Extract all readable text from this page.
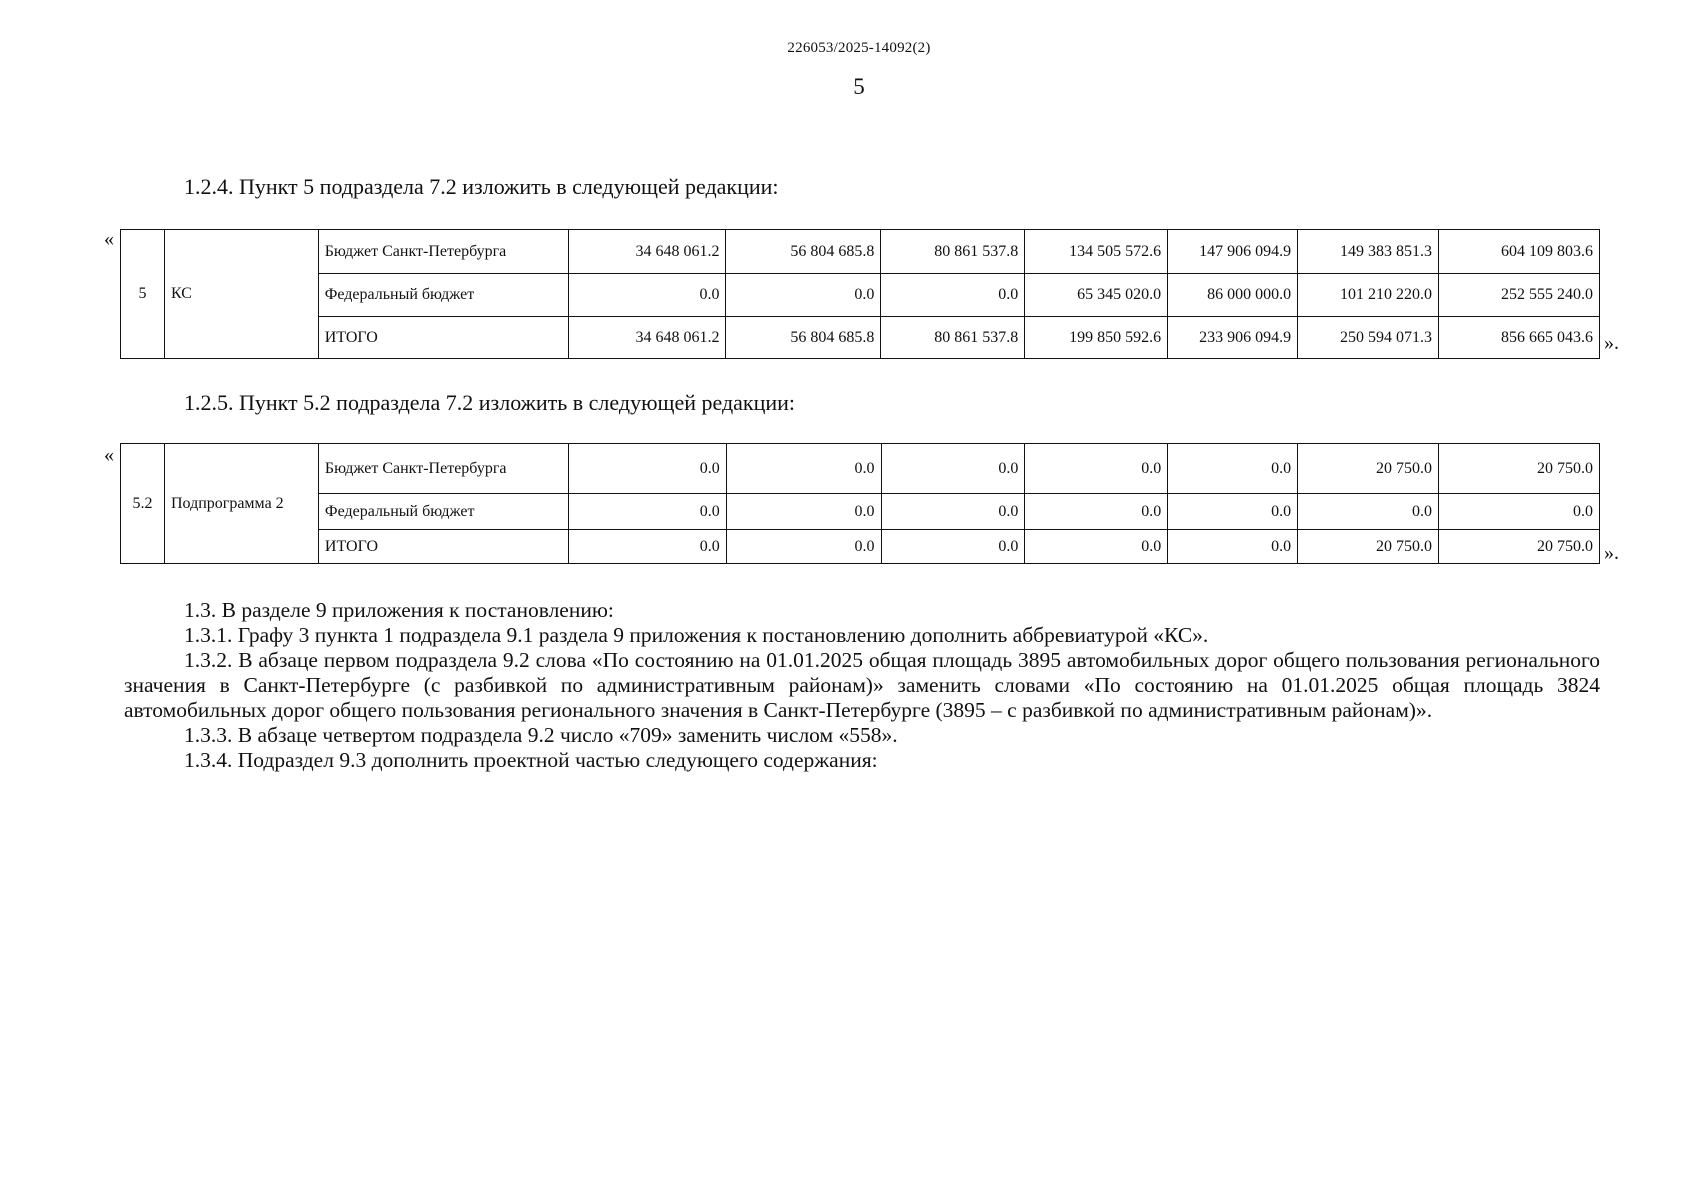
226053/2025-14092(2)
5
1.2.4. Пункт 5 подраздела 7.2 изложить в следующей редакции:
«
5	КС	Бюджет Санкт-Петербурга	34 648 061.2	56 804 685.8	80 861 537.8	134 505 572.6	147 906 094.9	149 383 851.3	604 109 803.6
		Федеральный бюджет	0.0	0.0	0.0	65 345 020.0	86 000 000.0	101 210 220.0	252 555 240.0
		ИТОГО	34 648 061.2	56 804 685.8	80 861 537.8	199 850 592.6	233 906 094.9	250 594 071.3	856 665 043.6 ».
1.2.5. Пункт 5.2 подраздела 7.2 изложить в следующей редакции:
«
5.2	Подпрограмма 2	Бюджет Санкт-Петербурга	0.0	0.0	0.0	0.0	0.0	20 750.0	20 750.0
		Федеральный бюджет	0.0	0.0	0.0	0.0	0.0	0.0	0.0
		ИТОГО	0.0	0.0	0.0	0.0	0.0	20 750.0	20 750.0 ».

1.3. В разделе 9 приложения к постановлению:

1.3.1. Графу 3 пункта 1 подраздела 9.1 раздела 9 приложения к постановлению дополнить аббревиатурой «КС».

1.3.2. В абзаце первом подраздела 9.2 слова «По состоянию на 01.01.2025 общая площадь 3895 автомобильных дорог общего пользования регионального значения в Санкт-Петербурге (с разбивкой по административным районам)» заменить словами «По состоянию на 01.01.2025 общая площадь 3824 автомобильных дорог общего пользования регионального значения в Санкт-Петербурге (3895 – с разбивкой по административным районам)».

1.3.3. В абзаце четвертом подраздела 9.2 число «709» заменить числом «558».

1.3.4. Подраздел 9.3 дополнить проектной частью следующего содержания:
